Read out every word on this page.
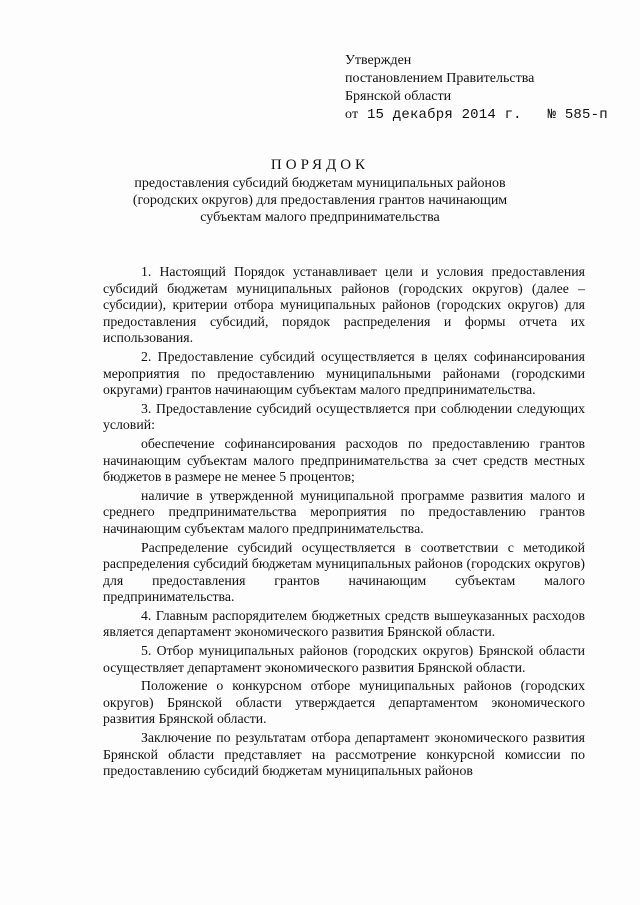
Утвержден
постановлением Правительства
Брянской области
от 15 декабря 2014 г. № 585-п
ПОРЯДОК
предоставления субсидий бюджетам муниципальных районов
(городских округов) для предоставления грантов начинающим
субъектам малого предпринимательства

1. Настоящий Порядок устанавливает цели и условия предоставления субсидий бюджетам муниципальных районов (городских округов) (далее – субсидии), критерии отбора муниципальных районов (городских округов) для предоставления субсидий, порядок распределения и формы отчета их использования.

2. Предоставление субсидий осуществляется в целях софинансирования мероприятия по предоставлению муниципальными районами (городскими округами) грантов начинающим субъектам малого предпринимательства.

3. Предоставление субсидий осуществляется при соблюдении следующих условий:

обеспечение софинансирования расходов по предоставлению грантов начинающим субъектам малого предпринимательства за счет средств местных бюджетов в размере не менее 5 процентов;

наличие в утвержденной муниципальной программе развития малого и среднего предпринимательства мероприятия по предоставлению грантов начинающим субъектам малого предпринимательства.

Распределение субсидий осуществляется в соответствии с методикой распределения субсидий бюджетам муниципальных районов (городских округов) для предоставления грантов начинающим субъектам малого предпринимательства.

4. Главным распорядителем бюджетных средств вышеуказанных расходов является департамент экономического развития Брянской области.

5. Отбор муниципальных районов (городских округов) Брянской области осуществляет департамент экономического развития Брянской области.

Положение о конкурсном отборе муниципальных районов (городских округов) Брянской области утверждается департаментом экономического развития Брянской области.

Заключение по результатам отбора департамент экономического развития Брянской области представляет на рассмотрение конкурсной комиссии по предоставлению субсидий бюджетам муниципальных районов
